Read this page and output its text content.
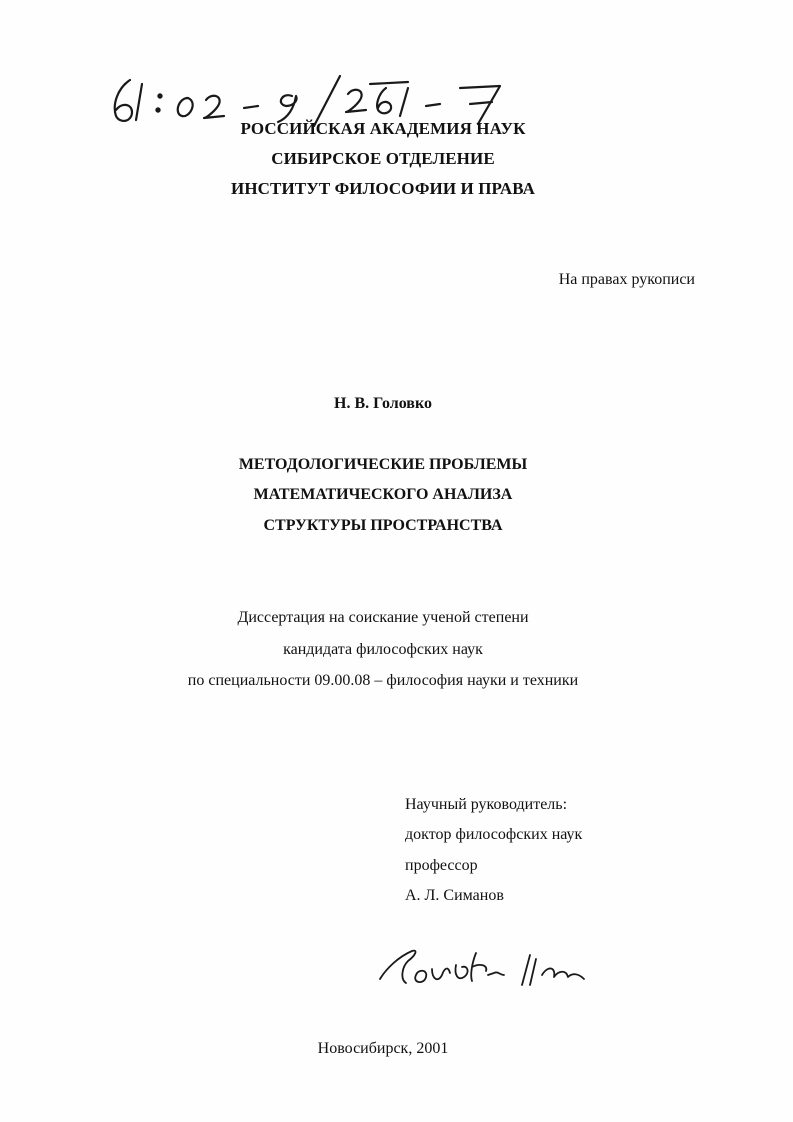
РОССИЙСКАЯ АКАДЕМИЯ НАУК
СИБИРСКОЕ ОТДЕЛЕНИЕ
ИНСТИТУТ ФИЛОСОФИИ И ПРАВА
На правах рукописи
Н. В. Головко
МЕТОДОЛОГИЧЕСКИЕ ПРОБЛЕМЫ
МАТЕМАТИЧЕСКОГО АНАЛИЗА
СТРУКТУРЫ ПРОСТРАНСТВА
Диссертация на соискание ученой степени
кандидата философских наук
по специальности 09.00.08 – философия науки и техники
Научный руководитель:
доктор философских наук
профессор
А. Л. Симанов
Новосибирск, 2001
